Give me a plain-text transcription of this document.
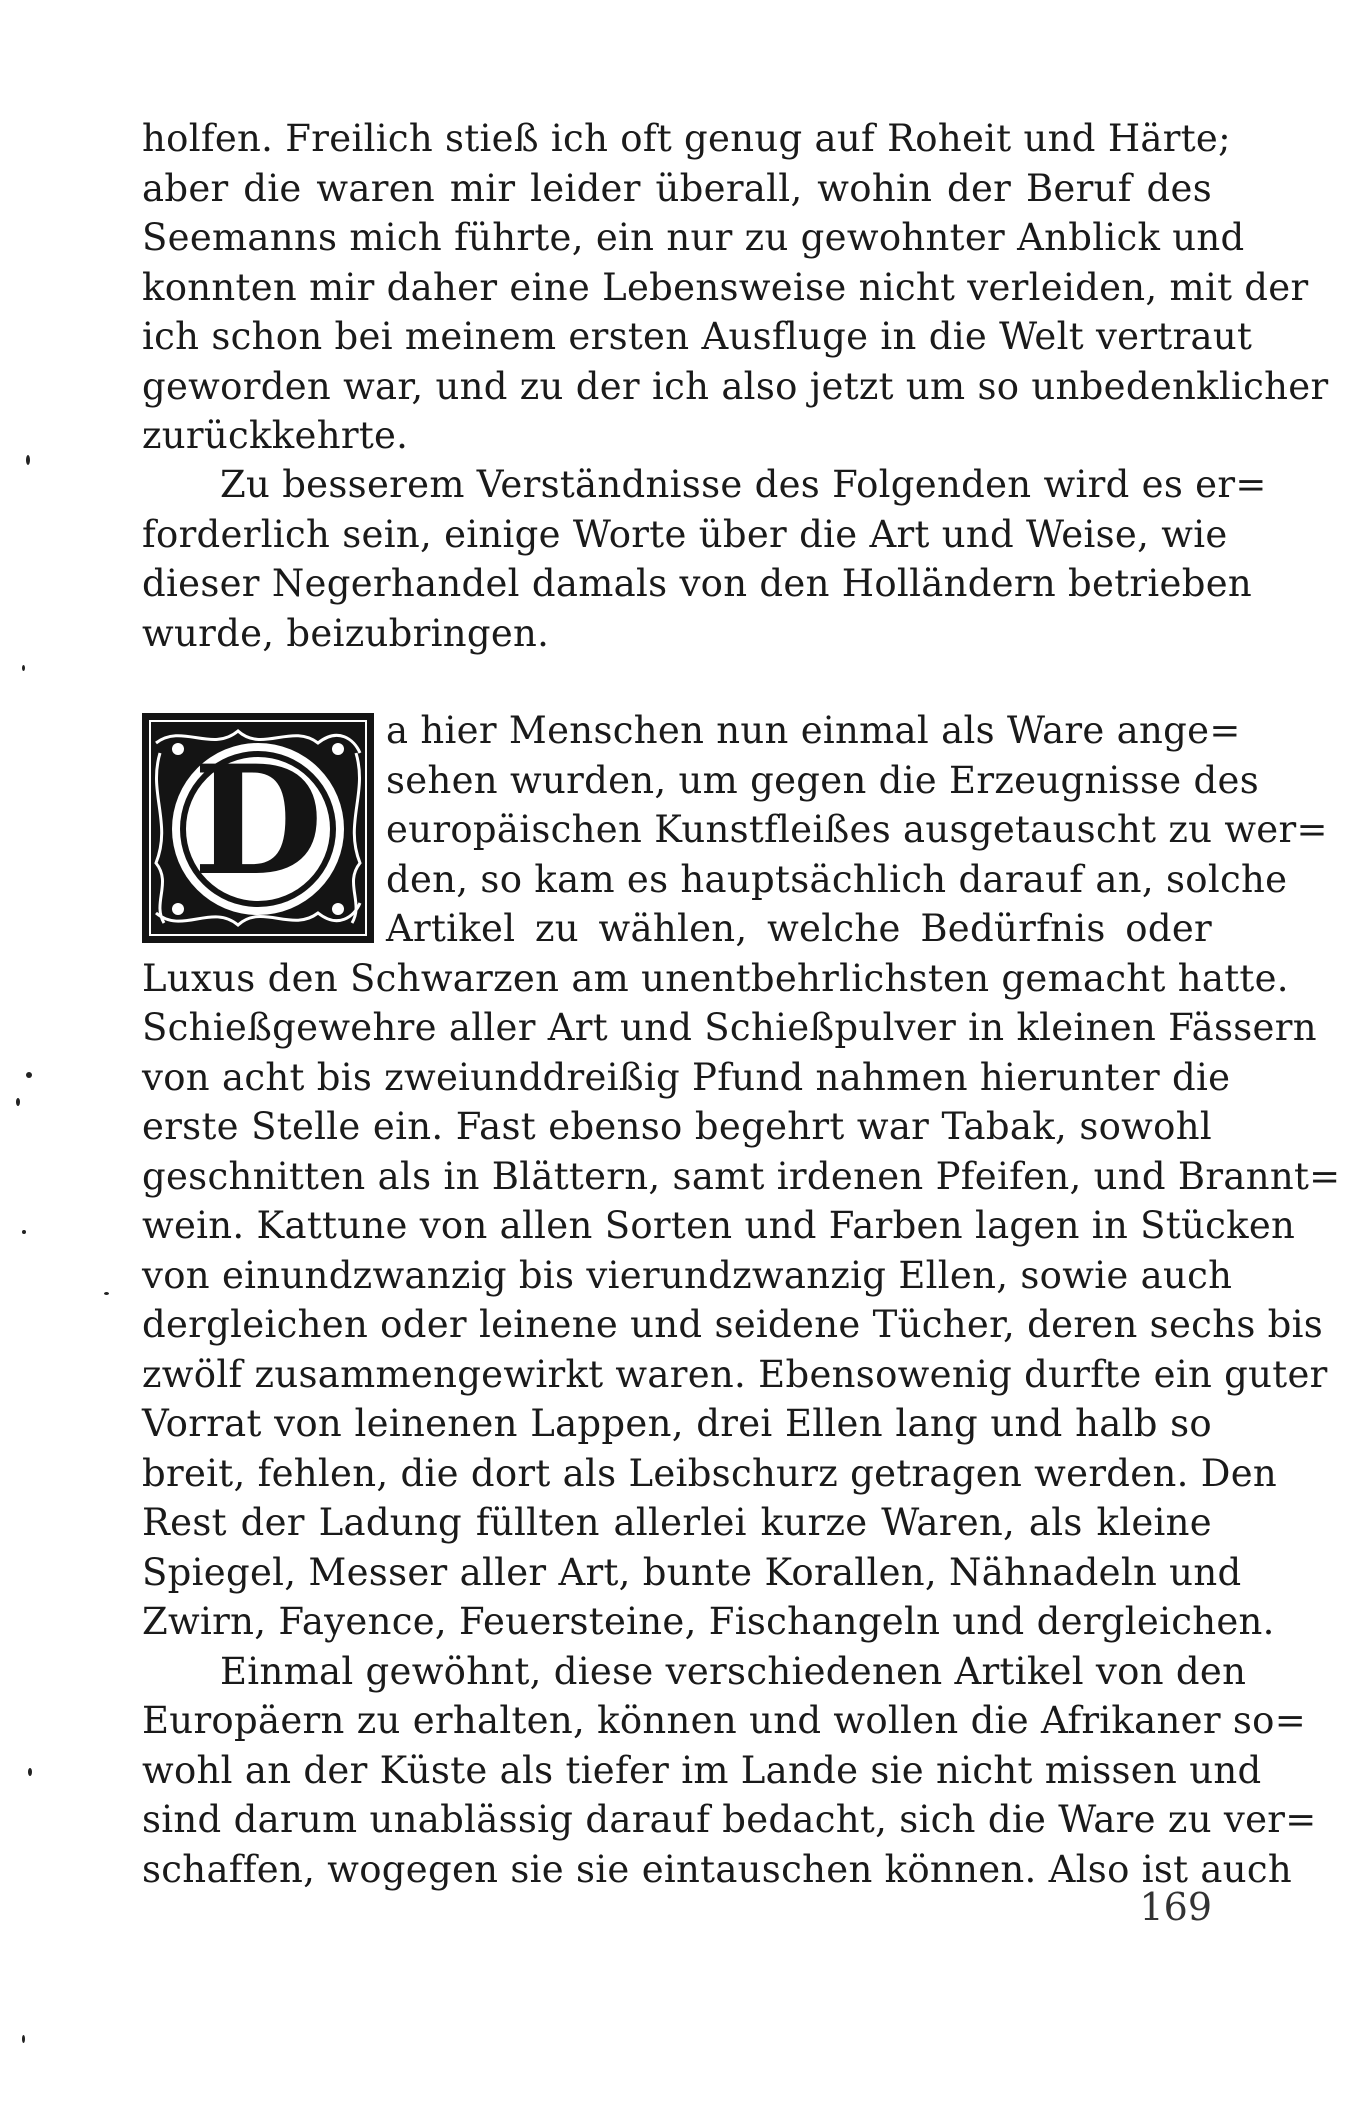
holfen. Freilich stieß ich oft genug auf Roheit und Härte;
aber die waren mir leider überall, wohin der Beruf des
Seemanns mich führte, ein nur zu gewohnter Anblick und
konnten mir daher eine Lebensweise nicht verleiden, mit der
ich schon bei meinem ersten Ausfluge in die Welt vertraut
geworden war, und zu der ich also jetzt um so unbedenklicher
zurückkehrte.
Zu besserem Verständnisse des Folgenden wird es er=
forderlich sein, einige Worte über die Art und Weise, wie
dieser Negerhandel damals von den Holländern betrieben
wurde, beizubringen.
D
a hier Menschen nun einmal als Ware ange=
sehen wurden, um gegen die Erzeugnisse des
europäischen Kunstfleißes ausgetauscht zu wer=
den, so kam es hauptsächlich darauf an, solche
Artikel zu wählen, welche Bedürfnis oder
Luxus den Schwarzen am unentbehrlichsten gemacht hatte.
Schießgewehre aller Art und Schießpulver in kleinen Fässern
von acht bis zweiunddreißig Pfund nahmen hierunter die
erste Stelle ein. Fast ebenso begehrt war Tabak, sowohl
geschnitten als in Blättern, samt irdenen Pfeifen, und Brannt=
wein. Kattune von allen Sorten und Farben lagen in Stücken
von einundzwanzig bis vierundzwanzig Ellen, sowie auch
dergleichen oder leinene und seidene Tücher, deren sechs bis
zwölf zusammengewirkt waren. Ebensowenig durfte ein guter
Vorrat von leinenen Lappen, drei Ellen lang und halb so
breit, fehlen, die dort als Leibschurz getragen werden. Den
Rest der Ladung füllten allerlei kurze Waren, als kleine
Spiegel, Messer aller Art, bunte Korallen, Nähnadeln und
Zwirn, Fayence, Feuersteine, Fischangeln und dergleichen.
Einmal gewöhnt, diese verschiedenen Artikel von den
Europäern zu erhalten, können und wollen die Afrikaner so=
wohl an der Küste als tiefer im Lande sie nicht missen und
sind darum unablässig darauf bedacht, sich die Ware zu ver=
schaffen, wogegen sie sie eintauschen können. Also ist auch
169
